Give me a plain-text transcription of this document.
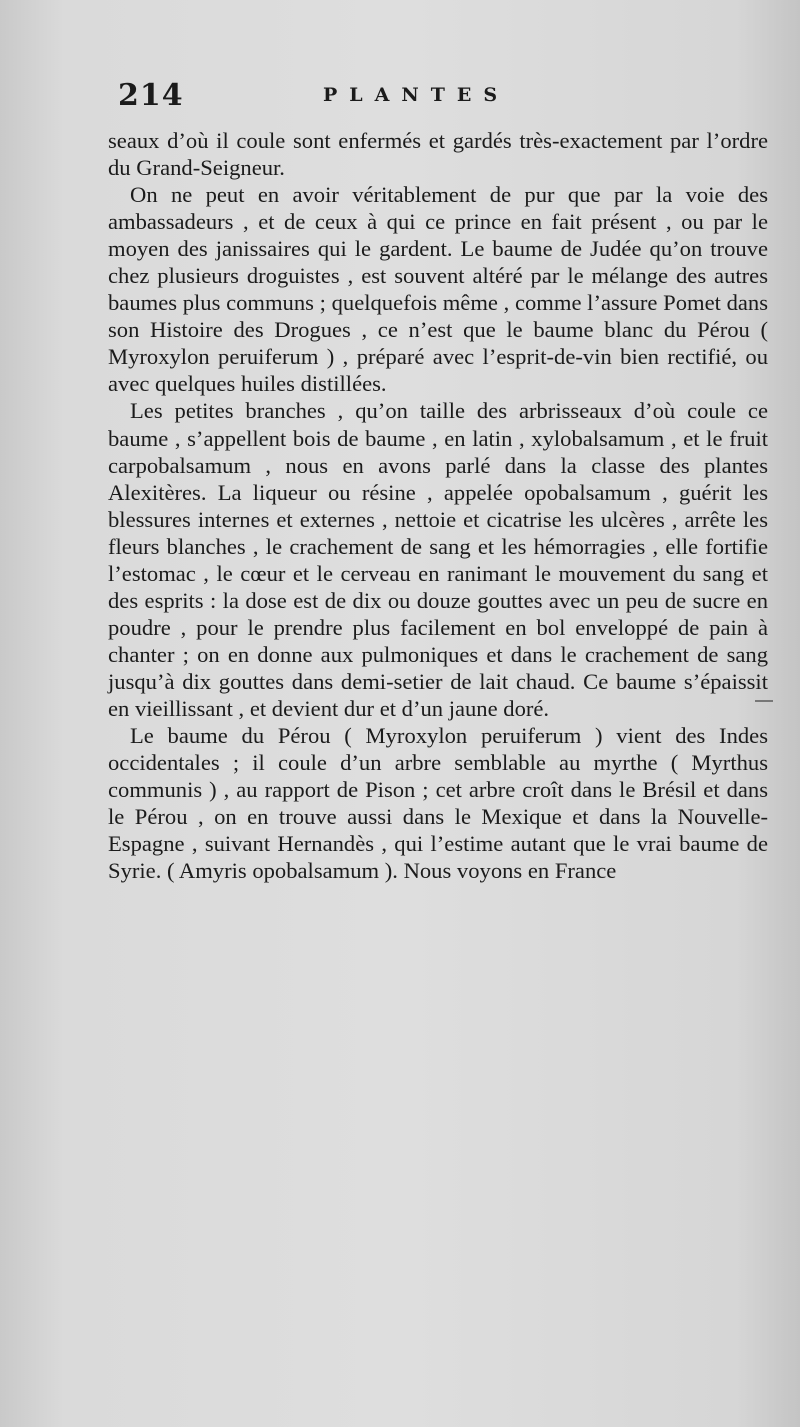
214	PLANTES

seaux d’où il coule sont enfermés et gardés très-exactement par l’ordre du Grand-Seigneur.

On ne peut en avoir véritablement de pur que par la voie des ambassadeurs , et de ceux à qui ce prince en fait présent , ou par le moyen des janissaires qui le gardent. Le baume de Judée qu’on trouve chez plusieurs droguistes , est souvent altéré par le mélange des autres baumes plus communs ; quelquefois même , comme l’assure Pomet dans son Histoire des Drogues , ce n’est que le baume blanc du Pérou ( Myroxylon peruiferum ) , préparé avec l’esprit-de-vin bien rectifié, ou avec quelques huiles distillées.

Les petites branches , qu’on taille des arbrisseaux d’où coule ce baume , s’appellent bois de baume , en latin , xylobalsamum , et le fruit carpobalsamum , nous en avons parlé dans la classe des plantes Alexitères. La liqueur ou résine , appelée opobalsamum , guérit les blessures internes et externes , nettoie et cicatrise les ulcères , arrête les fleurs blanches , le crachement de sang et les hémorragies , elle fortifie l’estomac , le cœur et le cerveau en ranimant le mouvement du sang et des esprits : la dose est de dix ou douze gouttes avec un peu de sucre en poudre , pour le prendre plus facilement en bol enveloppé de pain à chanter ; on en donne aux pulmoniques et dans le crachement de sang jusqu’à dix gouttes dans demi-setier de lait chaud. Ce baume s’épaissit en vieillissant , et devient dur et d’un jaune doré.

Le baume du Pérou ( Myroxylon peruiferum ) vient des Indes occidentales ; il coule d’un arbre semblable au myrthe ( Myrthus communis ) , au rapport de Pison ; cet arbre croît dans le Brésil et dans le Pérou , on en trouve aussi dans le Mexique et dans la Nouvelle-Espagne , suivant Hernandès , qui l’estime autant que le vrai baume de Syrie. ( Amyris opobalsamum ). Nous voyons en France
